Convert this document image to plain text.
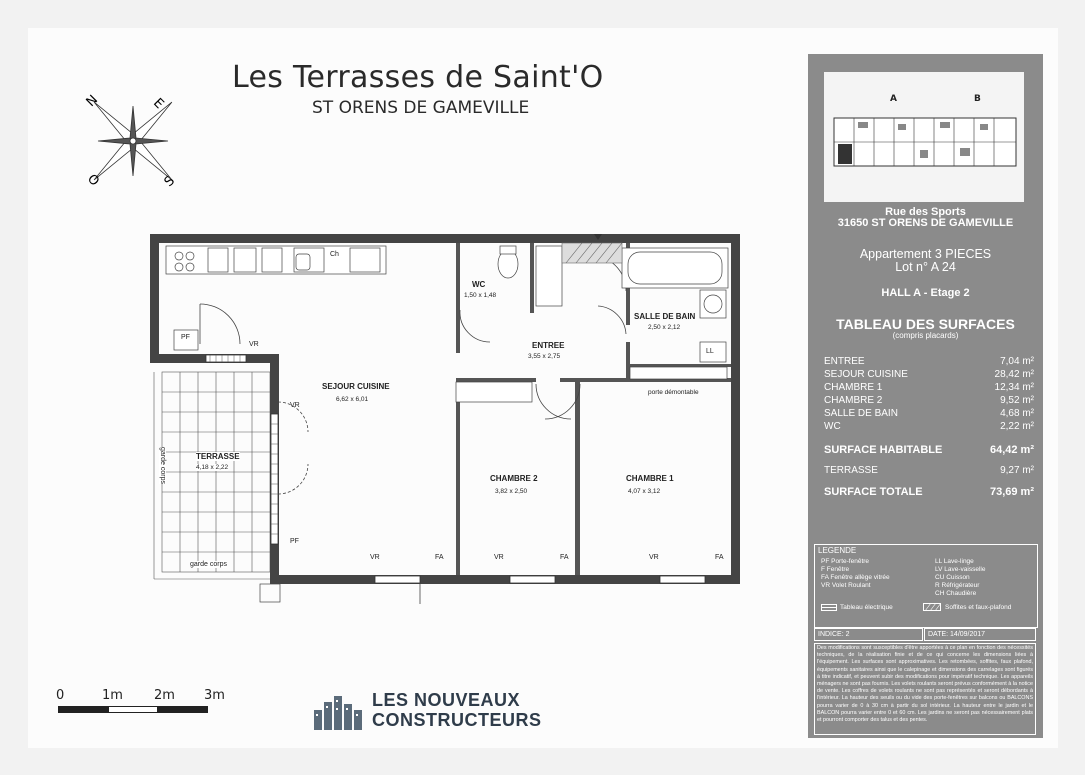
Les Terrasses de Saint'O
ST ORENS DE GAMEVILLE
N	E
O	S
WC
1,50 x 1,48
ENTREE
3,55 x 2,75
SALLE DE BAIN
2,50 x 2,12
SEJOUR CUISINE
6,62 x 6,01
TERRASSE
4,18 x 2,22
CHAMBRE 2
3,82 x 2,50
CHAMBRE 1
4,07 x 3,12
VR
VR
PF
PF
VR	FA	VR	FA	VR	FA
Ch
LL
porte démontable
garde corps
garde corps
0	1m 2m 3m	LES NOUVEAUX
CONSTRUCTEURS
A	B
Rue des Sports
31650 ST ORENS DE GAMEVILLE
Appartement 3 PIECES
Lot n° A 24
HALL A - Etage 2
TABLEAU DES SURFACES
(compris placards)
ENTREE	7,04 m²
SEJOUR CUISINE	28,42 m²
CHAMBRE 1	12,34 m²
CHAMBRE 2	9,52 m²
SALLE DE BAIN	4,68 m²
WC	2,22 m²
SURFACE HABITABLE	64,42 m²
TERRASSE	9,27 m²
SURFACE TOTALE	73,69 m²
LEGENDE
PF Porte-fenêtre
F Fenêtre
FA Fenêtre allège vitrée
VR Volet Roulant
LL Lave-linge
LV Lave-vaisselle
CU Cuisson
R Réfrigérateur
CH Chaudière
Tableau électrique	Soffites et faux-plafond
INDICE: 2	DATE: 14/09/2017
Des modifications sont susceptibles d'être apportées à ce plan en fonction des nécessités techniques, de la réalisation finie et de ce qui concerne les dimensions liées à l'équipement. Les surfaces sont approximatives. Les retombées, soffites, faux plafond, équipements sanitaires ainsi que le calepinage et dimensions des carrelages sont figurés à titre indicatif, et peuvent subir des modifications pour impératif technique. Les appareils ménagers ne sont pas fournis. Les volets roulants seront prévus conformément à la notice de vente. Les coffres de volets roulants ne sont pas représentés et seront débordants à l'intérieur. La hauteur des seuils ou du vide des porte-fenêtres sur balcons ou BALCONS pourra varier de 0 à 30 cm à partir du sol intérieur. La hauteur entre le jardin et le BALCON pourra varier entre 0 et 60 cm. Les jardins ne seront pas nécessairement plats et pourront comporter des talus et des pentes.
